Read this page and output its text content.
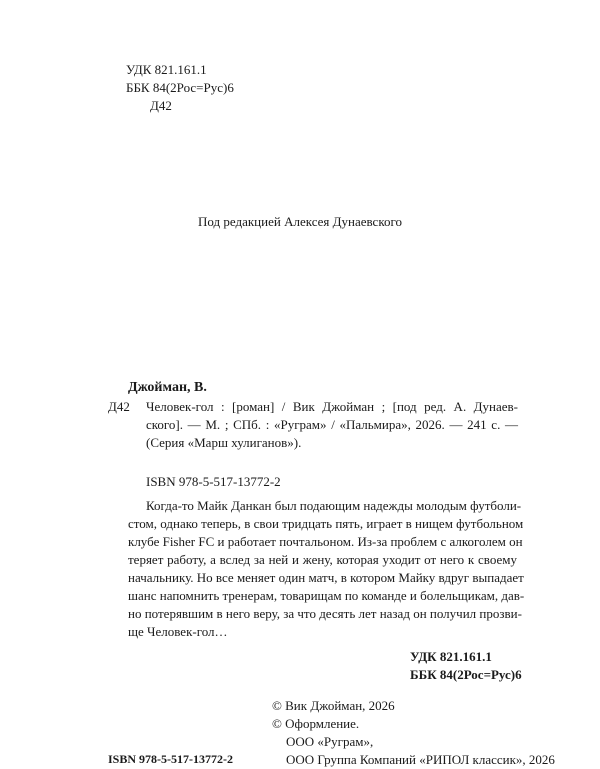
УДК 821.161.1
ББК 84(2Рос=Рус)6
Д42
Под редакцией Алексея Дунаевского
Джойман, В.
Д42 Человек-гол : [роман] / Вик Джойман ; [под ред. А. Дунаев-
ского]. — М. ; СПб. : «Руграм» / «Пальмира», 2026. — 241 с. —
(Серия «Марш хулиганов»).
ISBN 978-5-517-13772-2
Когда-то Майк Данкан был подающим надежды молодым футболи-
стом, однако теперь, в свои тридцать пять, играет в нищем футбольном
клубе Fisher FC и работает почтальоном. Из-за проблем с алкоголем он
теряет работу, а вслед за ней и жену, которая уходит от него к своему
начальнику. Но все меняет один матч, в котором Майку вдруг выпадает
шанс напомнить тренерам, товарищам по команде и болельщикам, дав-
но потерявшим в него веру, за что десять лет назад он получил прозви-
ще Человек-гол…
УДК 821.161.1
ББК 84(2Рос=Рус)6
© Вик Джойман, 2026
© Оформление.
ООО «Руграм»,
ООО Группа Компаний «РИПОЛ классик», 2026
ISBN 978-5-517-13772-2
